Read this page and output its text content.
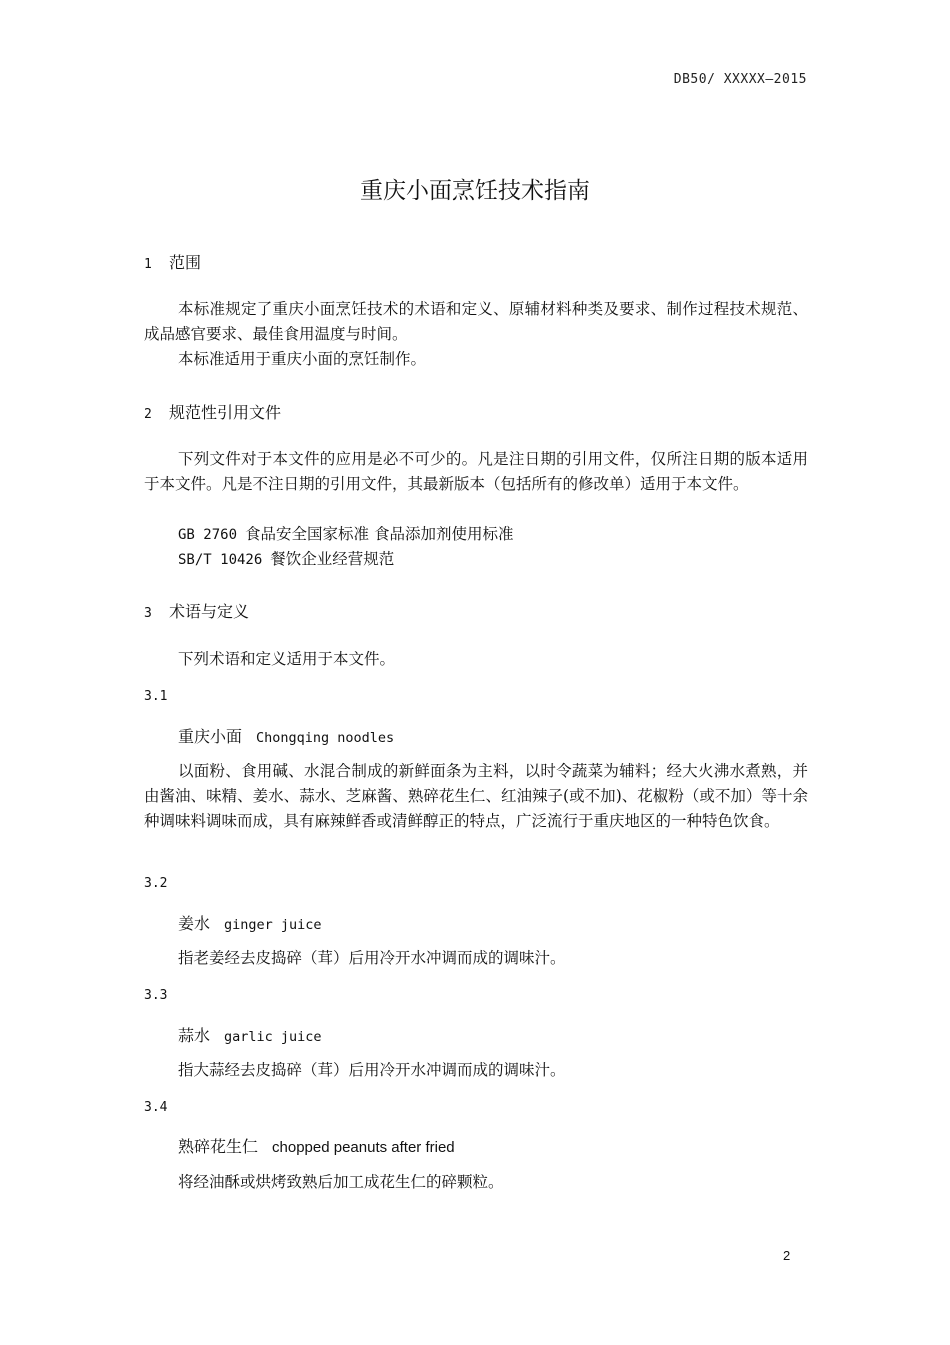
DB50/ XXXXX—2015
重庆小面烹饪技术指南
1	范围
本标准规定了重庆小面烹饪技术的术语和定义、原辅材料种类及要求、制作过程技术规范、成品感官要求、最佳食用温度与时间。
本标准适用于重庆小面的烹饪制作。
2	规范性引用文件
下列文件对于本文件的应用是必不可少的。凡是注日期的引用文件，仅所注日期的版本适用于本文件。凡是不注日期的引用文件，其最新版本（包括所有的修改单）适用于本文件。
GB 2760 食品安全国家标准 食品添加剂使用标准
SB/T 10426 餐饮企业经营规范
3	术语与定义
下列术语和定义适用于本文件。
3.1
重庆小面 Chongqing noodles
以面粉、食用碱、水混合制成的新鲜面条为主料，以时令蔬菜为辅料；经大火沸水煮熟，并由酱油、味精、姜水、蒜水、芝麻酱、熟碎花生仁、红油辣子(或不加)、花椒粉（或不加）等十余种调味料调味而成，具有麻辣鲜香或清鲜醇正的特点，广泛流行于重庆地区的一种特色饮食。
3.2
姜水 ginger juice
指老姜经去皮捣碎（茸）后用冷开水冲调而成的调味汁。
3.3
蒜水 garlic juice
指大蒜经去皮捣碎（茸）后用冷开水冲调而成的调味汁。
3.4
熟碎花生仁 chopped peanuts after fried
将经油酥或烘烤致熟后加工成花生仁的碎颗粒。
2
